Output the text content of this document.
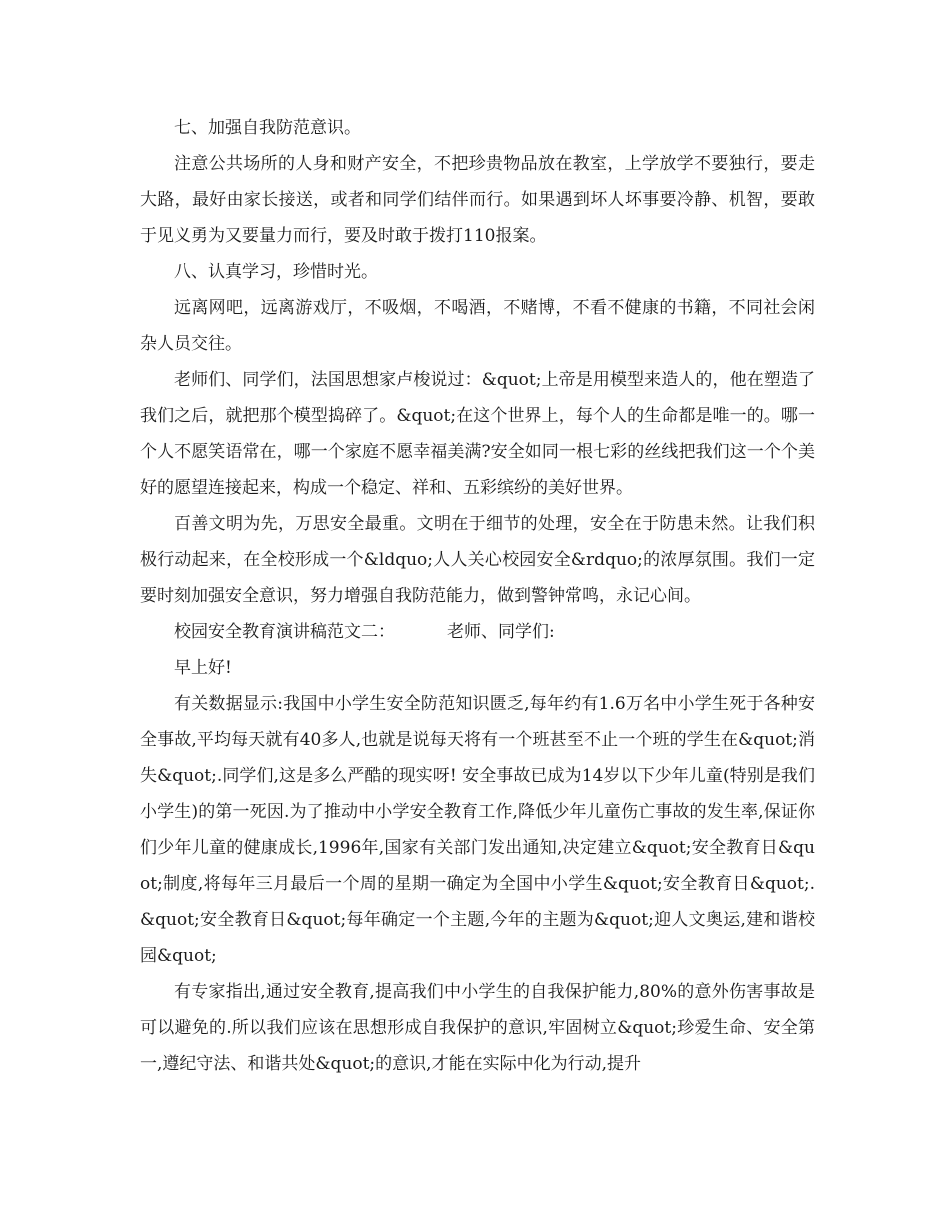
七、加强自我防范意识。

注意公共场所的人身和财产安全，不把珍贵物品放在教室，上学放学不要独行，要走大路，最好由家长接送，或者和同学们结伴而行。如果遇到坏人坏事要冷静、机智，要敢于见义勇为又要量力而行，要及时敢于拨打110报案。

八、认真学习，珍惜时光。

远离网吧，远离游戏厅，不吸烟，不喝酒，不赌博，不看不健康的书籍，不同社会闲杂人员交往。

老师们、同学们，法国思想家卢梭说过：&quot;上帝是用模型来造人的，他在塑造了我们之后，就把那个模型捣碎了。&quot;在这个世界上，每个人的生命都是唯一的。哪一个人不愿笑语常在，哪一个家庭不愿幸福美满?安全如同一根七彩的丝线把我们这一个个美好的愿望连接起来，构成一个稳定、祥和、五彩缤纷的美好世界。

百善文明为先，万思安全最重。文明在于细节的处理，安全在于防患未然。让我们积极行动起来，在全校形成一个&ldquo;人人关心校园安全&rdquo;的浓厚氛围。我们一定要时刻加强安全意识，努力增强自我防范能力，做到警钟常鸣，永记心间。

校园安全教育演讲稿范文二：	老师、同学们:

早上好!

有关数据显示:我国中小学生安全防范知识匮乏,每年约有1.6万名中小学生死于各种安全事故,平均每天就有40多人,也就是说每天将有一个班甚至不止一个班的学生在&quot;消失&quot;.同学们,这是多么严酷的现实呀! 安全事故已成为14岁以下少年儿童(特别是我们小学生)的第一死因.为了推动中小学安全教育工作,降低少年儿童伤亡事故的发生率,保证你们少年儿童的健康成长,1996年,国家有关部门发出通知,决定建立&quot;安全教育日&quot;制度,将每年三月最后一个周的星期一确定为全国中小学生&quot;安全教育日&quot;.&quot;安全教育日&quot;每年确定一个主题,今年的主题为&quot;迎人文奥运,建和谐校园&quot;

有专家指出,通过安全教育,提高我们中小学生的自我保护能力,80%的意外伤害事故是可以避免的.所以我们应该在思想形成自我保护的意识,牢固树立&quot;珍爱生命、安全第一,遵纪守法、和谐共处&quot;的意识,才能在实际中化为行动,提升
